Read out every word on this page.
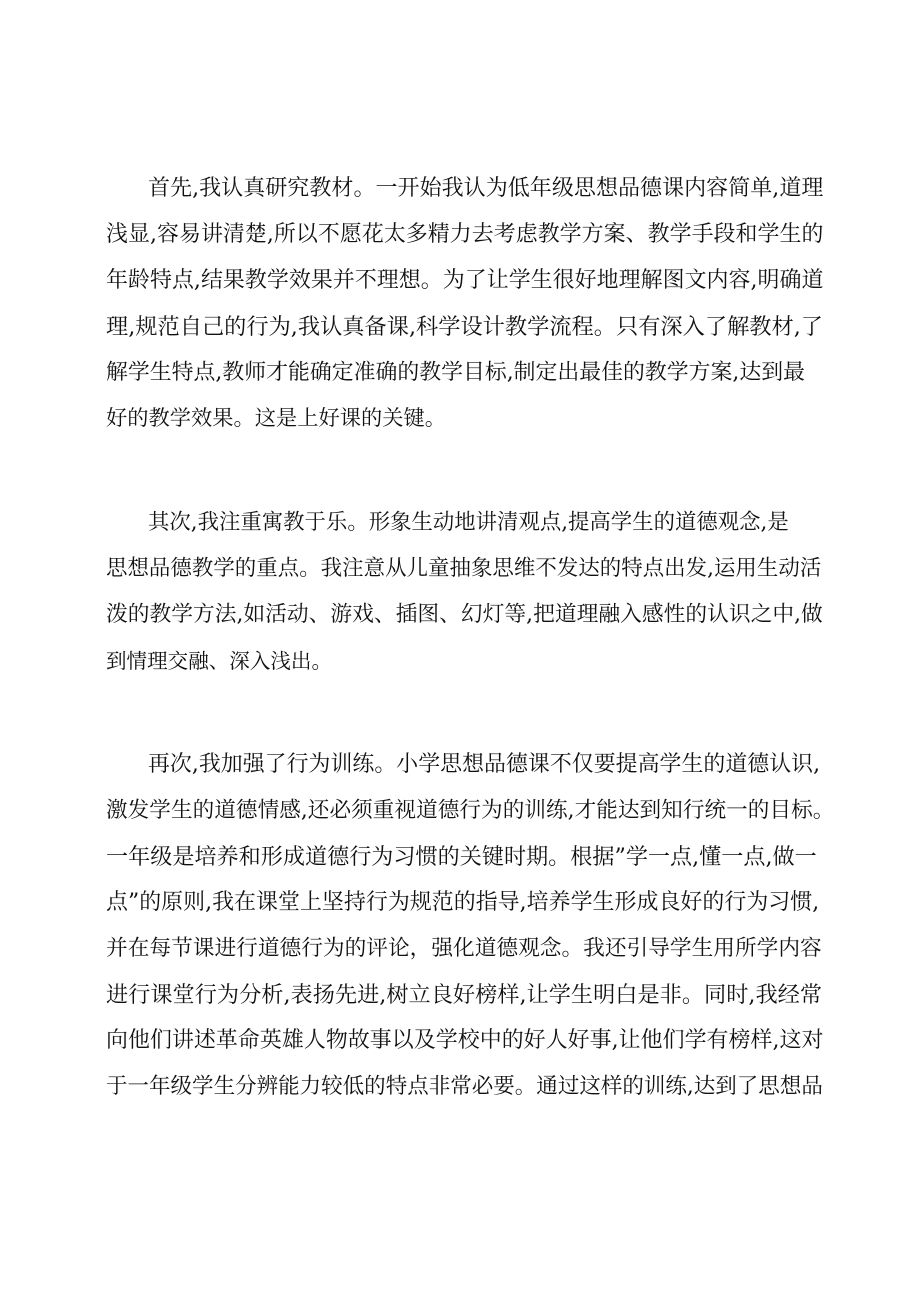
首先,我认真研究教材。一开始我认为低年级思想品德课内容简单,道理
浅显,容易讲清楚,所以不愿花太多精力去考虑教学方案、教学手段和学生的
年龄特点,结果教学效果并不理想。为了让学生很好地理解图文内容,明确道
理,规范自己的行为,我认真备课,科学设计教学流程。只有深入了解教材,了
解学生特点,教师才能确定准确的教学目标,制定出最佳的教学方案,达到最
好的教学效果。这是上好课的关键。
其次,我注重寓教于乐。形象生动地讲清观点,提高学生的道德观念,是
思想品德教学的重点。我注意从儿童抽象思维不发达的特点出发,运用生动活
泼的教学方法,如活动、游戏、插图、幻灯等,把道理融入感性的认识之中,做
到情理交融、深入浅出。
再次,我加强了行为训练。小学思想品德课不仅要提高学生的道德认识,
激发学生的道德情感,还必须重视道德行为的训练,才能达到知行统一的目标。
一年级是培养和形成道德行为习惯的关键时期。根据”学一点,懂一点,做一
点”的原则,我在课堂上坚持行为规范的指导,培养学生形成良好的行为习惯,
并在每节课进行道德行为的评论，强化道德观念。我还引导学生用所学内容
进行课堂行为分析,表扬先进,树立良好榜样,让学生明白是非。同时,我经常
向他们讲述革命英雄人物故事以及学校中的好人好事,让他们学有榜样,这对
于一年级学生分辨能力较低的特点非常必要。通过这样的训练,达到了思想品
